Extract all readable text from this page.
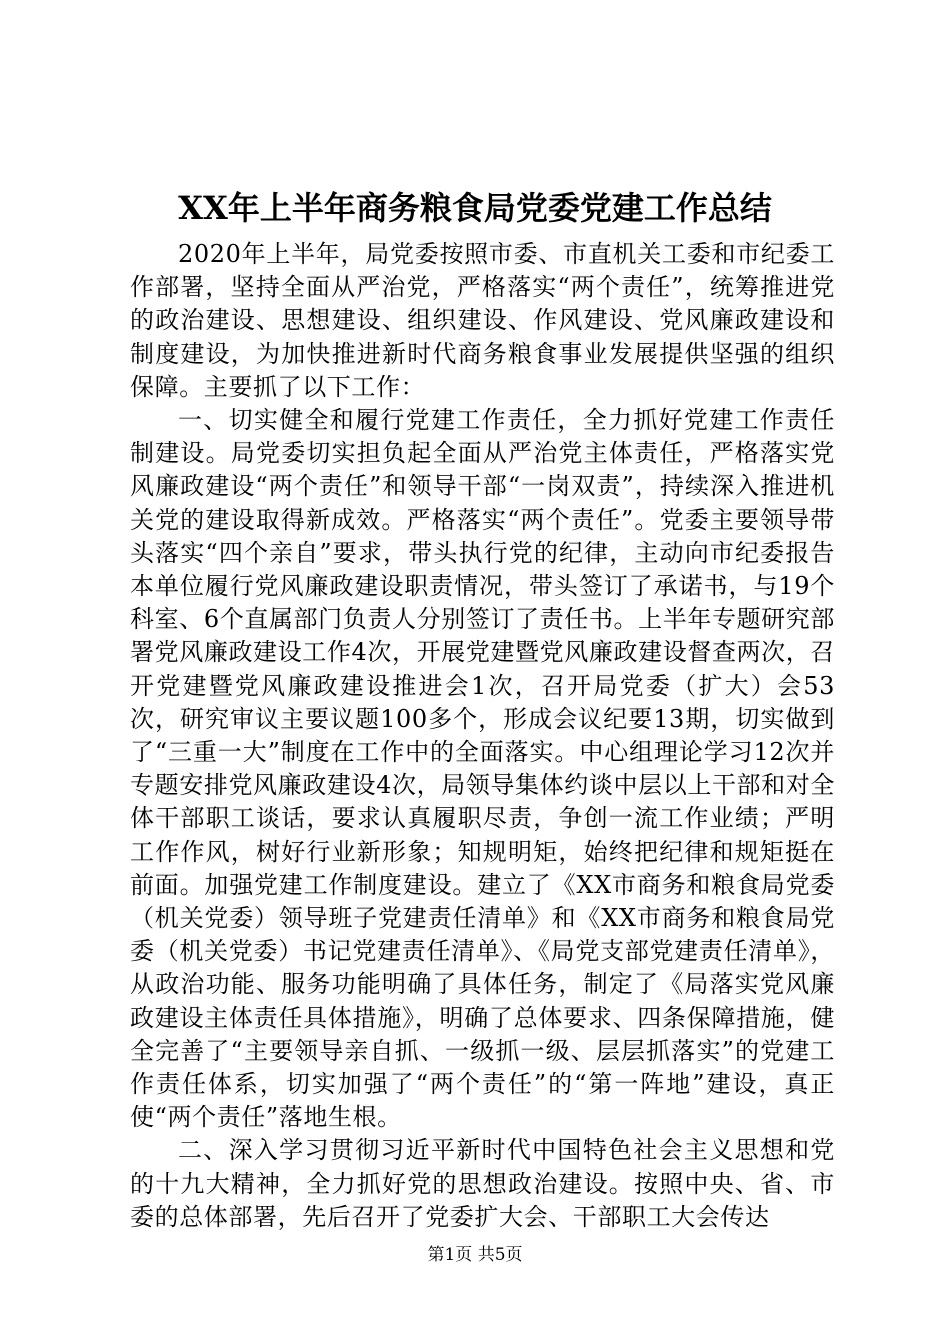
XX年上半年商务粮食局党委党建工作总结

2020年上半年，局党委按照市委、市直机关工委和市纪委工作部署，坚持全面从严治党，严格落实“两个责任”，统筹推进党的政治建设、思想建设、组织建设、作风建设、党风廉政建设和制度建设，为加快推进新时代商务粮食事业发展提供坚强的组织保障。主要抓了以下工作：

一、切实健全和履行党建工作责任，全力抓好党建工作责任制建设。局党委切实担负起全面从严治党主体责任，严格落实党风廉政建设“两个责任”和领导干部“一岗双责”，持续深入推进机关党的建设取得新成效。严格落实“两个责任”。党委主要领导带头落实“四个亲自”要求，带头执行党的纪律，主动向市纪委报告本单位履行党风廉政建设职责情况，带头签订了承诺书，与19个科室、6个直属部门负责人分别签订了责任书。上半年专题研究部署党风廉政建设工作4次，开展党建暨党风廉政建设督查两次，召开党建暨党风廉政建设推进会1次，召开局党委（扩大）会53次，研究审议主要议题100多个，形成会议纪要13期，切实做到了“三重一大”制度在工作中的全面落实。中心组理论学习12次并专题安排党风廉政建设4次，局领导集体约谈中层以上干部和对全体干部职工谈话，要求认真履职尽责，争创一流工作业绩；严明工作作风，树好行业新形象；知规明矩，始终把纪律和规矩挺在前面。加强党建工作制度建设。建立了《XX市商务和粮食局党委（机关党委）领导班子党建责任清单》和《XX市商务和粮食局党委（机关党委）书记党建责任清单》、《局党支部党建责任清单》，从政治功能、服务功能明确了具体任务，制定了《局落实党风廉政建设主体责任具体措施》，明确了总体要求、四条保障措施，健全完善了“主要领导亲自抓、一级抓一级、层层抓落实”的党建工作责任体系，切实加强了“两个责任”的“第一阵地”建设，真正使“两个责任”落地生根。

二、深入学习贯彻习近平新时代中国特色社会主义思想和党的十九大精神，全力抓好党的思想政治建设。按照中央、省、市委的总体部署，先后召开了党委扩大会、干部职工大会传达

第1页 共5页
